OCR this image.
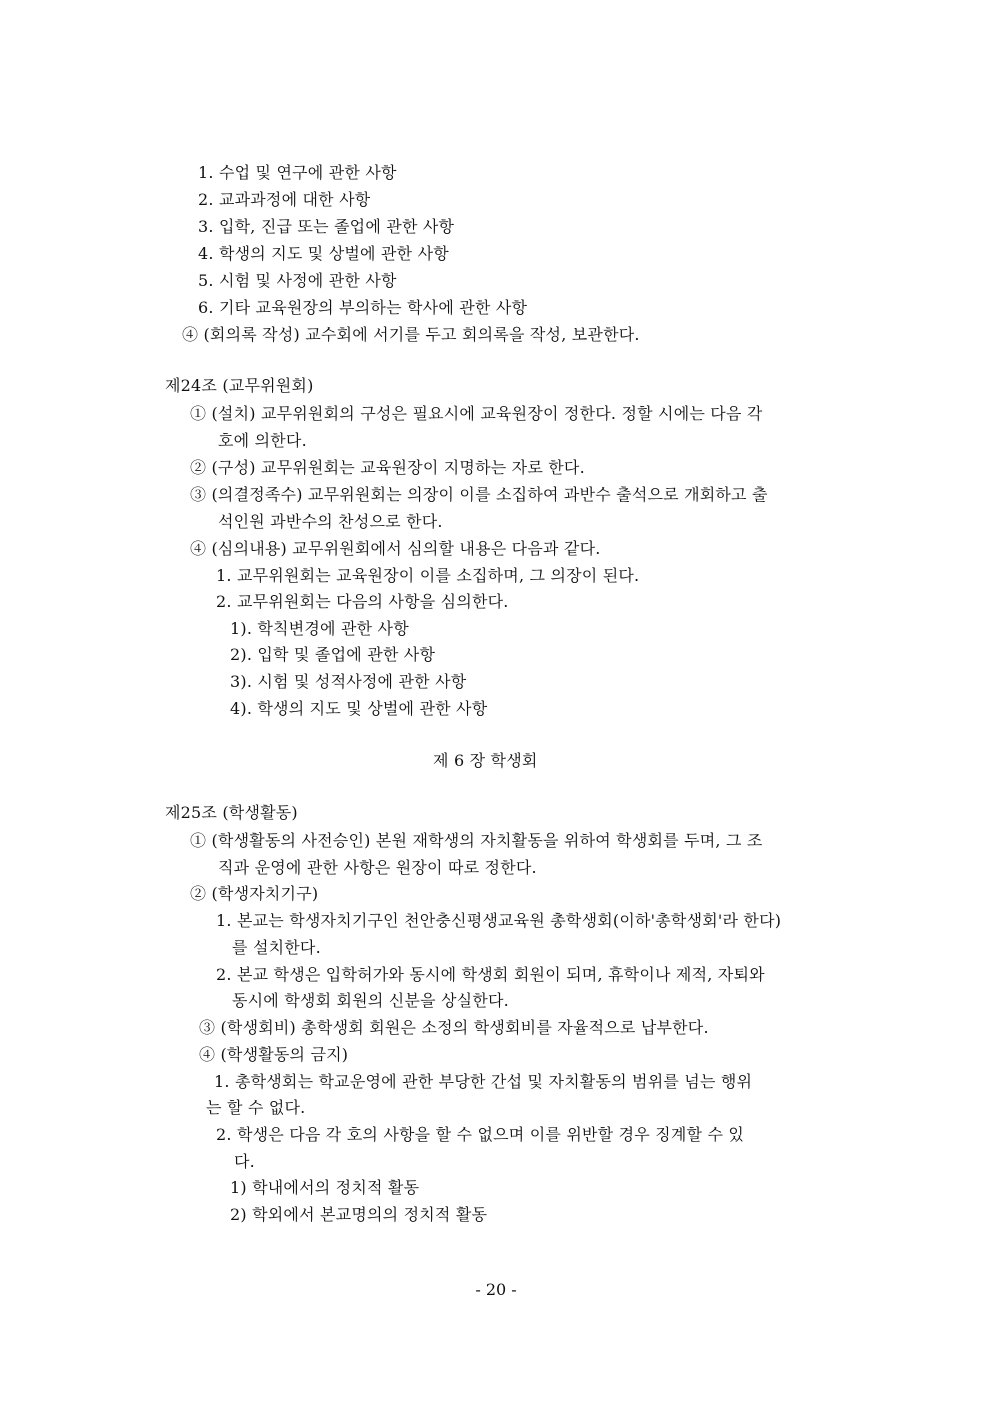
1. 수업 및 연구에 관한 사항
2. 교과과정에 대한 사항
3. 입학, 진급 또는 졸업에 관한 사항
4. 학생의 지도 및 상벌에 관한 사항
5. 시험 및 사정에 관한 사항
6. 기타 교육원장의 부의하는 학사에 관한 사항
④ (회의록 작성) 교수회에 서기를 두고 회의록을 작성, 보관한다.
제24조 (교무위원회)
① (설치) 교무위원회의 구성은 필요시에 교육원장이 정한다. 정할 시에는 다음 각
호에 의한다.
② (구성) 교무위원회는 교육원장이 지명하는 자로 한다.
③ (의결정족수) 교무위원회는 의장이 이를 소집하여 과반수 출석으로 개회하고 출
석인원 과반수의 찬성으로 한다.
④ (심의내용) 교무위원회에서 심의할 내용은 다음과 같다.
1. 교무위원회는 교육원장이 이를 소집하며, 그 의장이 된다.
2. 교무위원회는 다음의 사항을 심의한다.
1). 학칙변경에 관한 사항
2). 입학 및 졸업에 관한 사항
3). 시험 및 성적사정에 관한 사항
4). 학생의 지도 및 상벌에 관한 사항
제 6 장 학생회
제25조 (학생활동)
① (학생활동의 사전승인) 본원 재학생의 자치활동을 위하여 학생회를 두며, 그 조
직과 운영에 관한 사항은 원장이 따로 정한다.
② (학생자치기구)
1. 본교는 학생자치기구인 천안충신평생교육원 총학생회(이하'총학생회'라 한다)
를 설치한다.
2. 본교 학생은 입학허가와 동시에 학생회 회원이 되며, 휴학이나 제적, 자퇴와
동시에 학생회 회원의 신분을 상실한다.
③ (학생회비) 총학생회 회원은 소정의 학생회비를 자율적으로 납부한다.
④ (학생활동의 금지)
1. 총학생회는 학교운영에 관한 부당한 간섭 및 자치활동의 범위를 넘는 행위
는 할 수 없다.
2. 학생은 다음 각 호의 사항을 할 수 없으며 이를 위반할 경우 징계할 수 있
다.
1) 학내에서의 정치적 활동
2) 학외에서 본교명의의 정치적 활동
- 20 -
